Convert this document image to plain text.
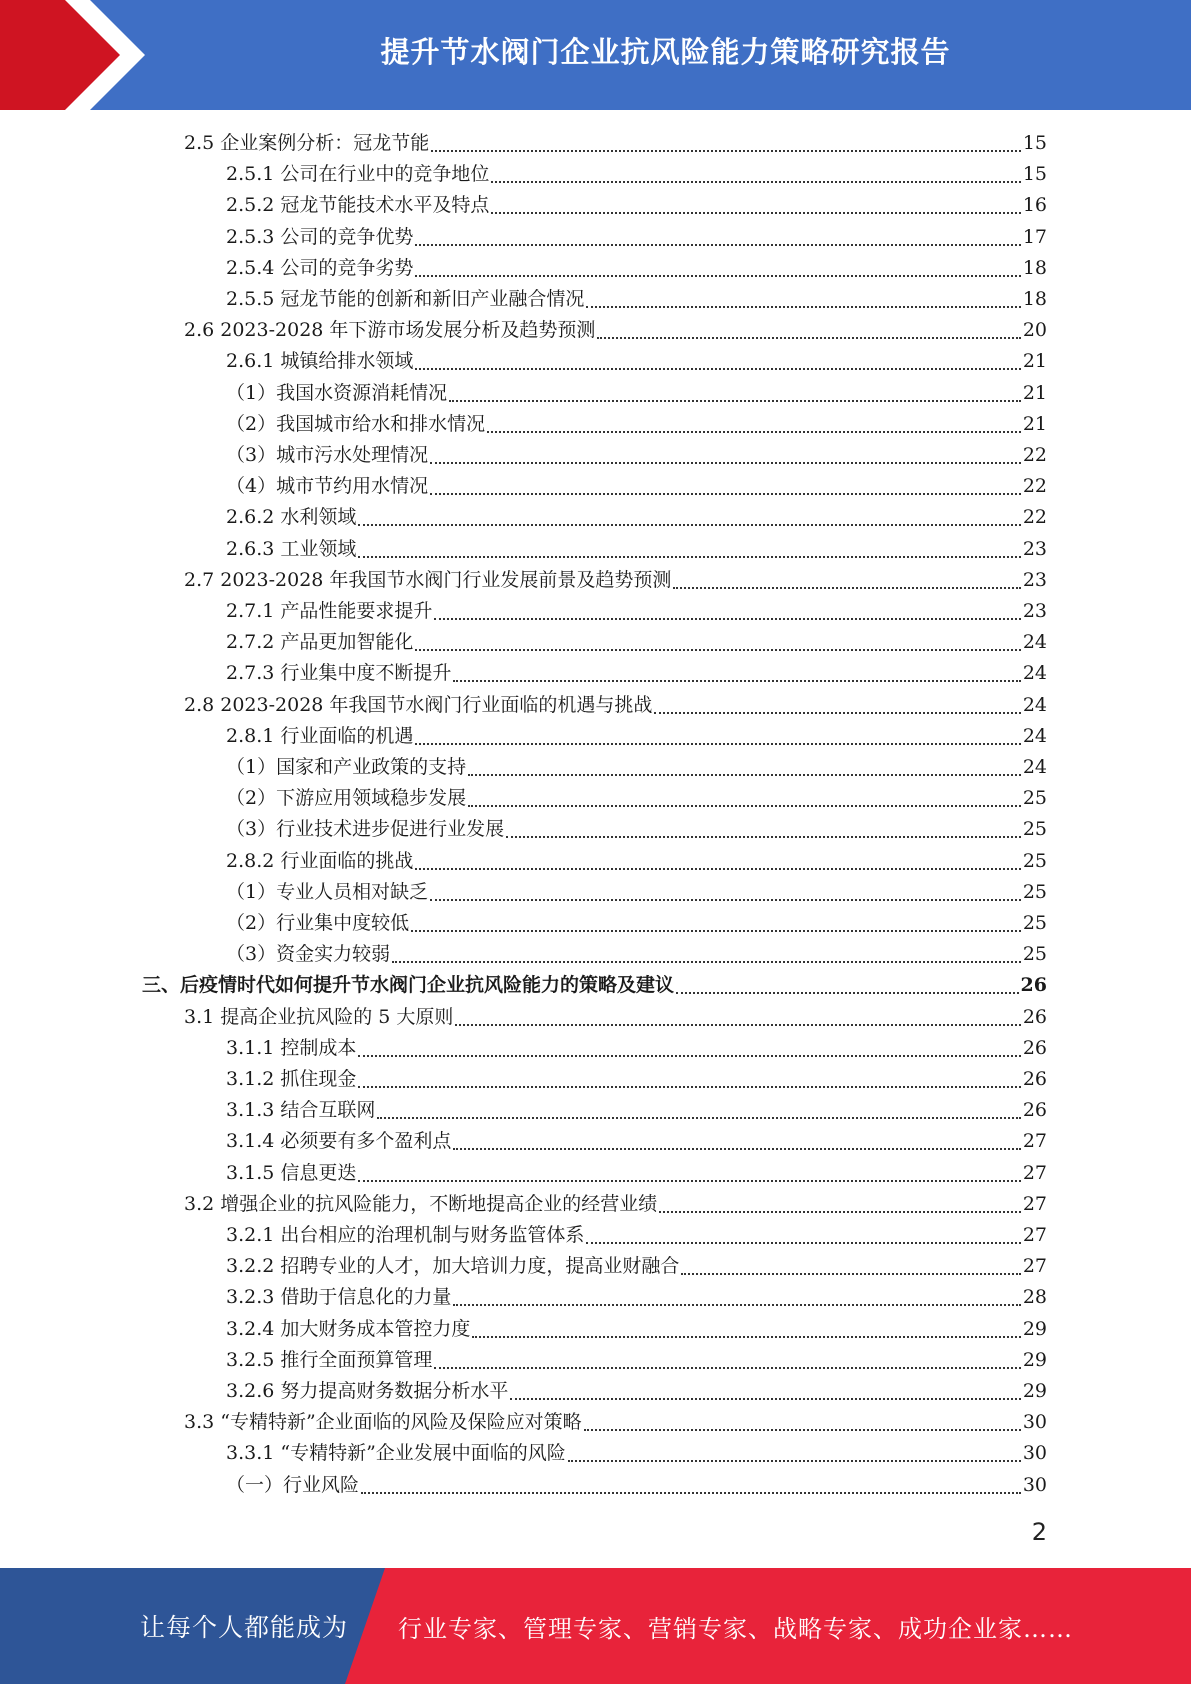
提升节水阀门企业抗风险能力策略研究报告
2.5 企业案例分析：冠龙节能	15
2.5.1 公司在行业中的竞争地位	15
2.5.2 冠龙节能技术水平及特点	16
2.5.3 公司的竞争优势	17
2.5.4 公司的竞争劣势	18
2.5.5 冠龙节能的创新和新旧产业融合情况	18
2.6 2023-2028 年下游市场发展分析及趋势预测	20
2.6.1 城镇给排水领域	21
（1）我国水资源消耗情况	21
（2）我国城市给水和排水情况	21
（3）城市污水处理情况	22
（4）城市节约用水情况	22
2.6.2 水利领域	22
2.6.3 工业领域	23
2.7 2023-2028 年我国节水阀门行业发展前景及趋势预测	23
2.7.1 产品性能要求提升	23
2.7.2 产品更加智能化	24
2.7.3 行业集中度不断提升	24
2.8 2023-2028 年我国节水阀门行业面临的机遇与挑战	24
2.8.1 行业面临的机遇	24
（1）国家和产业政策的支持	24
（2）下游应用领域稳步发展	25
（3）行业技术进步促进行业发展	25
2.8.2 行业面临的挑战	25
（1）专业人员相对缺乏	25
（2）行业集中度较低	25
（3）资金实力较弱	25
三、后疫情时代如何提升节水阀门企业抗风险能力的策略及建议	26
3.1 提高企业抗风险的 5 大原则	26
3.1.1 控制成本	26
3.1.2 抓住现金	26
3.1.3 结合互联网	26
3.1.4 必须要有多个盈利点	27
3.1.5 信息更迭	27
3.2 增强企业的抗风险能力，不断地提高企业的经营业绩	27
3.2.1 出台相应的治理机制与财务监管体系	27
3.2.2 招聘专业的人才，加大培训力度，提高业财融合	27
3.2.3 借助于信息化的力量	28
3.2.4 加大财务成本管控力度	29
3.2.5 推行全面预算管理	29
3.2.6 努力提高财务数据分析水平	29
3.3 “专精特新”企业面临的风险及保险应对策略	30
3.3.1 “专精特新”企业发展中面临的风险	30
（一）行业风险	30
2
让每个人都能成为 行业专家、管理专家、营销专家、战略专家、成功企业家……
